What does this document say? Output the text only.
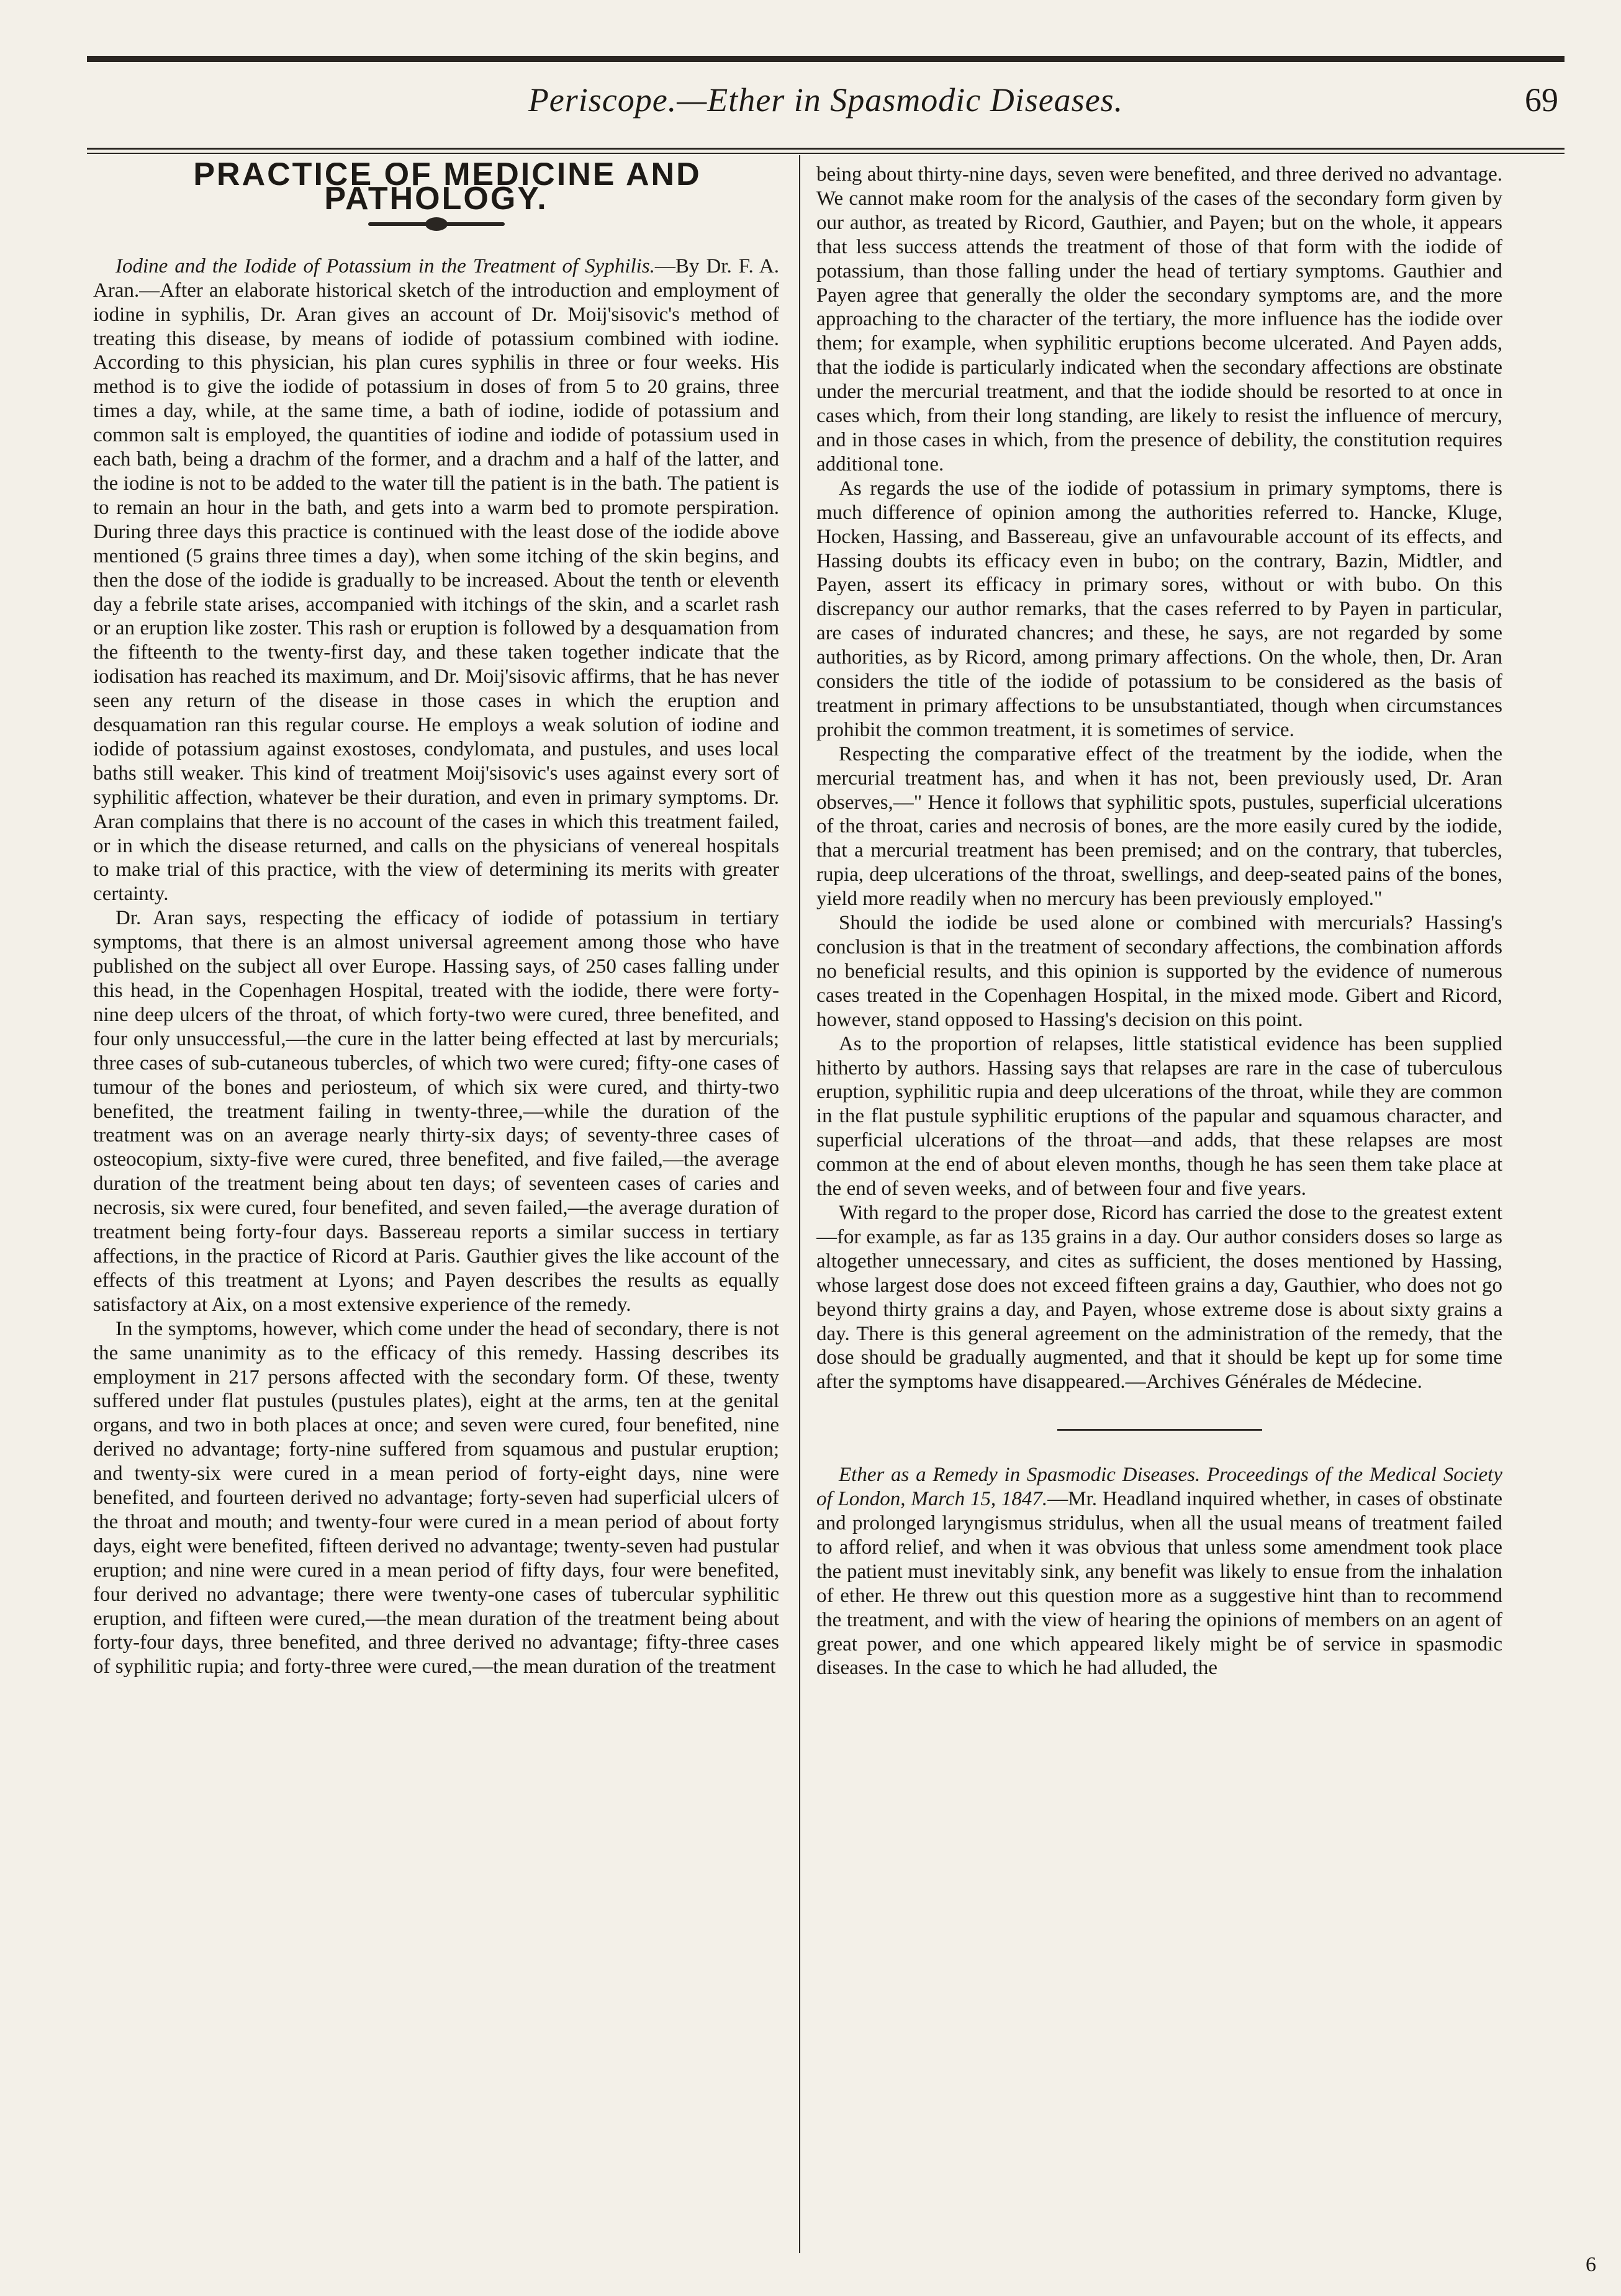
Periscope.—Ether in Spasmodic Diseases.	69

PRACTICE OF MEDICINE AND PATHOLOGY.

Iodine and the Iodide of Potassium in the Treatment of Syphilis.—By Dr. F. A. Aran.—After an elaborate historical sketch of the introduction and employment of iodine in syphilis, Dr. Aran gives an account of Dr. Moij'sisovic's method of treating this disease, by means of iodide of potassium combined with iodine. According to this physician, his plan cures syphilis in three or four weeks. His method is to give the iodide of potassium in doses of from 5 to 20 grains, three times a day, while, at the same time, a bath of iodine, iodide of potassium and common salt is employed, the quantities of iodine and iodide of potassium used in each bath, being a drachm of the former, and a drachm and a half of the latter, and the iodine is not to be added to the water till the patient is in the bath. The patient is to remain an hour in the bath, and gets into a warm bed to promote perspiration. During three days this practice is continued with the least dose of the iodide above mentioned (5 grains three times a day), when some itching of the skin begins, and then the dose of the iodide is gradually to be increased. About the tenth or eleventh day a febrile state arises, accompanied with itchings of the skin, and a scarlet rash or an eruption like zoster. This rash or eruption is followed by a desquamation from the fifteenth to the twenty-first day, and these taken together indicate that the iodisation has reached its maximum, and Dr. Moij'sisovic affirms, that he has never seen any return of the disease in those cases in which the eruption and desquamation ran this regular course. He employs a weak solution of iodine and iodide of potassium against exostoses, condylomata, and pustules, and uses local baths still weaker. This kind of treatment Moij'sisovic's uses against every sort of syphilitic affection, whatever be their duration, and even in primary symptoms. Dr. Aran complains that there is no account of the cases in which this treatment failed, or in which the disease returned, and calls on the physicians of venereal hospitals to make trial of this practice, with the view of determining its merits with greater certainty.

Dr. Aran says, respecting the efficacy of iodide of potassium in tertiary symptoms, that there is an almost universal agreement among those who have published on the subject all over Europe. Hassing says, of 250 cases falling under this head, in the Copenhagen Hospital, treated with the iodide, there were forty-nine deep ulcers of the throat, of which forty-two were cured, three benefited, and four only unsuccessful,—the cure in the latter being effected at last by mercurials; three cases of sub-cutaneous tubercles, of which two were cured; fifty-one cases of tumour of the bones and periosteum, of which six were cured, and thirty-two benefited, the treatment failing in twenty-three,—while the duration of the treatment was on an average nearly thirty-six days; of seventy-three cases of osteocopium, sixty-five were cured, three benefited, and five failed,—the average duration of the treatment being about ten days; of seventeen cases of caries and necrosis, six were cured, four benefited, and seven failed,—the average duration of treatment being forty-four days. Bassereau reports a similar success in tertiary affections, in the practice of Ricord at Paris. Gauthier gives the like account of the effects of this treatment at Lyons; and Payen describes the results as equally satisfactory at Aix, on a most extensive experience of the remedy.

In the symptoms, however, which come under the head of secondary, there is not the same unanimity as to the efficacy of this remedy. Hassing describes its employment in 217 persons affected with the secondary form. Of these, twenty suffered under flat pustules (pustules plates), eight at the arms, ten at the genital organs, and two in both places at once; and seven were cured, four benefited, nine derived no advantage; forty-nine suffered from squamous and pustular eruption; and twenty-six were cured in a mean period of forty-eight days, nine were benefited, and fourteen derived no advantage; forty-seven had superficial ulcers of the throat and mouth; and twenty-four were cured in a mean period of about forty days, eight were benefited, fifteen derived no advantage; twenty-seven had pustular eruption; and nine were cured in a mean period of fifty days, four were benefited, four derived no advantage; there were twenty-one cases of tubercular syphilitic eruption, and fifteen were cured,—the mean duration of the treatment being about forty-four days, three benefited, and three derived no advantage; fifty-three cases of syphilitic rupia; and forty-three were cured,—the mean duration of the treatment

being about thirty-nine days, seven were benefited, and three derived no advantage. We cannot make room for the analysis of the cases of the secondary form given by our author, as treated by Ricord, Gauthier, and Payen; but on the whole, it appears that less success attends the treatment of those of that form with the iodide of potassium, than those falling under the head of tertiary symptoms. Gauthier and Payen agree that generally the older the secondary symptoms are, and the more approaching to the character of the tertiary, the more influence has the iodide over them; for example, when syphilitic eruptions become ulcerated. And Payen adds, that the iodide is particularly indicated when the secondary affections are obstinate under the mercurial treatment, and that the iodide should be resorted to at once in cases which, from their long standing, are likely to resist the influence of mercury, and in those cases in which, from the presence of debility, the constitution requires additional tone.

As regards the use of the iodide of potassium in primary symptoms, there is much difference of opinion among the authorities referred to. Hancke, Kluge, Hocken, Hassing, and Bassereau, give an unfavourable account of its effects, and Hassing doubts its efficacy even in bubo; on the contrary, Bazin, Midtler, and Payen, assert its efficacy in primary sores, without or with bubo. On this discrepancy our author remarks, that the cases referred to by Payen in particular, are cases of indurated chancres; and these, he says, are not regarded by some authorities, as by Ricord, among primary affections. On the whole, then, Dr. Aran considers the title of the iodide of potassium to be considered as the basis of treatment in primary affections to be unsubstantiated, though when circumstances prohibit the common treatment, it is sometimes of service.

Respecting the comparative effect of the treatment by the iodide, when the mercurial treatment has, and when it has not, been previously used, Dr. Aran observes,—" Hence it follows that syphilitic spots, pustules, superficial ulcerations of the throat, caries and necrosis of bones, are the more easily cured by the iodide, that a mercurial treatment has been premised; and on the contrary, that tubercles, rupia, deep ulcerations of the throat, swellings, and deep-seated pains of the bones, yield more readily when no mercury has been previously employed."

Should the iodide be used alone or combined with mercurials? Hassing's conclusion is that in the treatment of secondary affections, the combination affords no beneficial results, and this opinion is supported by the evidence of numerous cases treated in the Copenhagen Hospital, in the mixed mode. Gibert and Ricord, however, stand opposed to Hassing's decision on this point.

As to the proportion of relapses, little statistical evidence has been supplied hitherto by authors. Hassing says that relapses are rare in the case of tuberculous eruption, syphilitic rupia and deep ulcerations of the throat, while they are common in the flat pustule syphilitic eruptions of the papular and squamous character, and superficial ulcerations of the throat—and adds, that these relapses are most common at the end of about eleven months, though he has seen them take place at the end of seven weeks, and of between four and five years.

With regard to the proper dose, Ricord has carried the dose to the greatest extent—for example, as far as 135 grains in a day. Our author considers doses so large as altogether unnecessary, and cites as sufficient, the doses mentioned by Hassing, whose largest dose does not exceed fifteen grains a day, Gauthier, who does not go beyond thirty grains a day, and Payen, whose extreme dose is about sixty grains a day. There is this general agreement on the administration of the remedy, that the dose should be gradually augmented, and that it should be kept up for some time after the symptoms have disappeared.—Archives Générales de Médecine.

Ether as a Remedy in Spasmodic Diseases. Proceedings of the Medical Society of London, March 15, 1847.—Mr. Headland inquired whether, in cases of obstinate and prolonged laryngismus stridulus, when all the usual means of treatment failed to afford relief, and when it was obvious that unless some amendment took place the patient must inevitably sink, any benefit was likely to ensue from the inhalation of ether. He threw out this question more as a suggestive hint than to recommend the treatment, and with the view of hearing the opinions of members on an agent of great power, and one which appeared likely might be of service in spasmodic diseases. In the case to which he had alluded, the

6
